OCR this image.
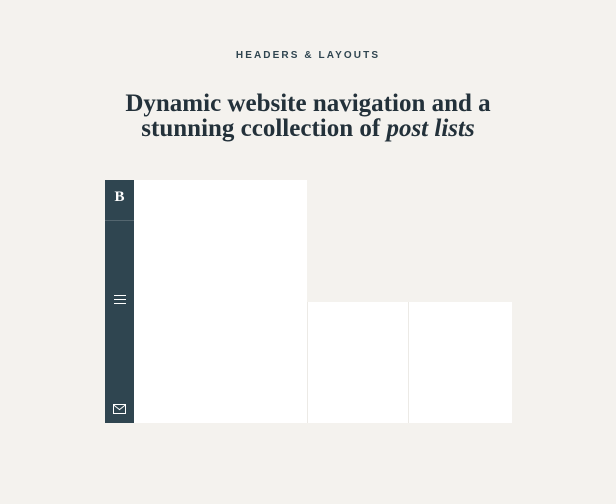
HEADERS & LAYOUTS
Dynamic website navigation and a stunning ccollection of post lists
B
